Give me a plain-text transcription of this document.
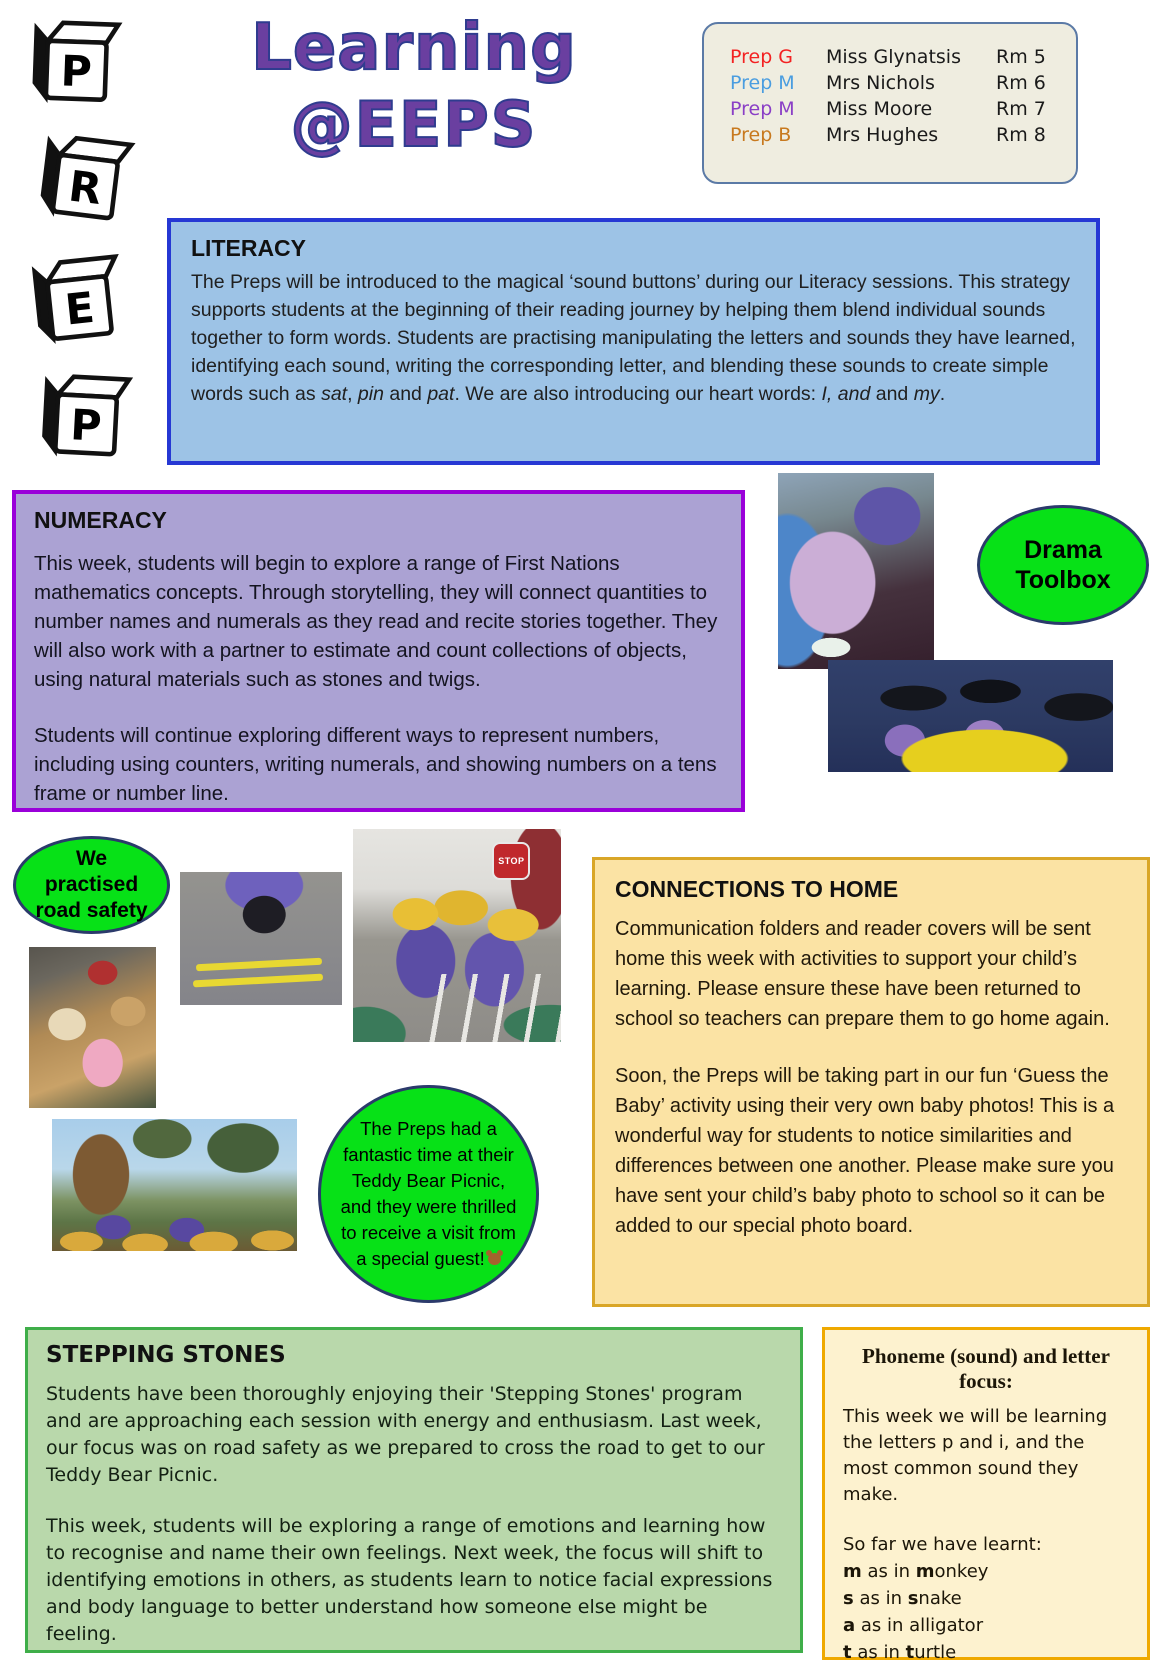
P
R
E
P
Learning
@EEPS
Prep G	Miss Glynatsis	Rm 5
Prep M	Mrs Nichols	Rm 6
Prep M	Miss Moore	Rm 7
Prep B	Mrs Hughes	Rm 8
LITERACY

The Preps will be introduced to the magical ‘sound buttons’ during our Literacy sessions. This strategy supports students at the beginning of their reading journey by helping them blend individual sounds together to form words. Students are practising manipulating the letters and sounds they have learned, identifying each sound, writing the corresponding letter, and blending these sounds to create simple words such as sat, pin and pat. We are also introducing our heart words: I, and and my.

NUMERACY

This week, students will begin to explore a range of First Nations mathematics concepts. Through storytelling, they will connect quantities to number names and numerals as they read and recite stories together. They will also work with a partner to estimate and count collections of objects, using natural materials such as stones and twigs.

Students will continue exploring different ways to represent numbers, including using counters, writing numerals, and showing numbers on a tens frame or number line.

Drama Toolbox
We practised road safety
STOP
The Preps had a fantastic time at their Teddy Bear Picnic, and they were thrilled to receive a visit from a special guest!
CONNECTIONS TO HOME

Communication folders and reader covers will be sent home this week with activities to support your child’s learning. Please ensure these have been returned to school so teachers can prepare them to go home again.

Soon, the Preps will be taking part in our fun ‘Guess the Baby’ activity using their very own baby photos! This is a wonderful way for students to notice similarities and differences between one another. Please make sure you have sent your child’s baby photo to school so it can be added to our special photo board.

STEPPING STONES

Students have been thoroughly enjoying their 'Stepping Stones' program and are approaching each session with energy and enthusiasm. Last week, our focus was on road safety as we prepared to cross the road to get to our Teddy Bear Picnic.

This week, students will be exploring a range of emotions and learning how to recognise and name their own feelings. Next week, the focus will shift to identifying emotions in others, as students learn to notice facial expressions and body language to better understand how someone else might be feeling.

Phoneme (sound) and letter focus:

This week we will be learning the letters p and i, and the most common sound they make.

So far we have learnt:

m as in monkey
s as in snake
a as in alligator
t as in turtle
